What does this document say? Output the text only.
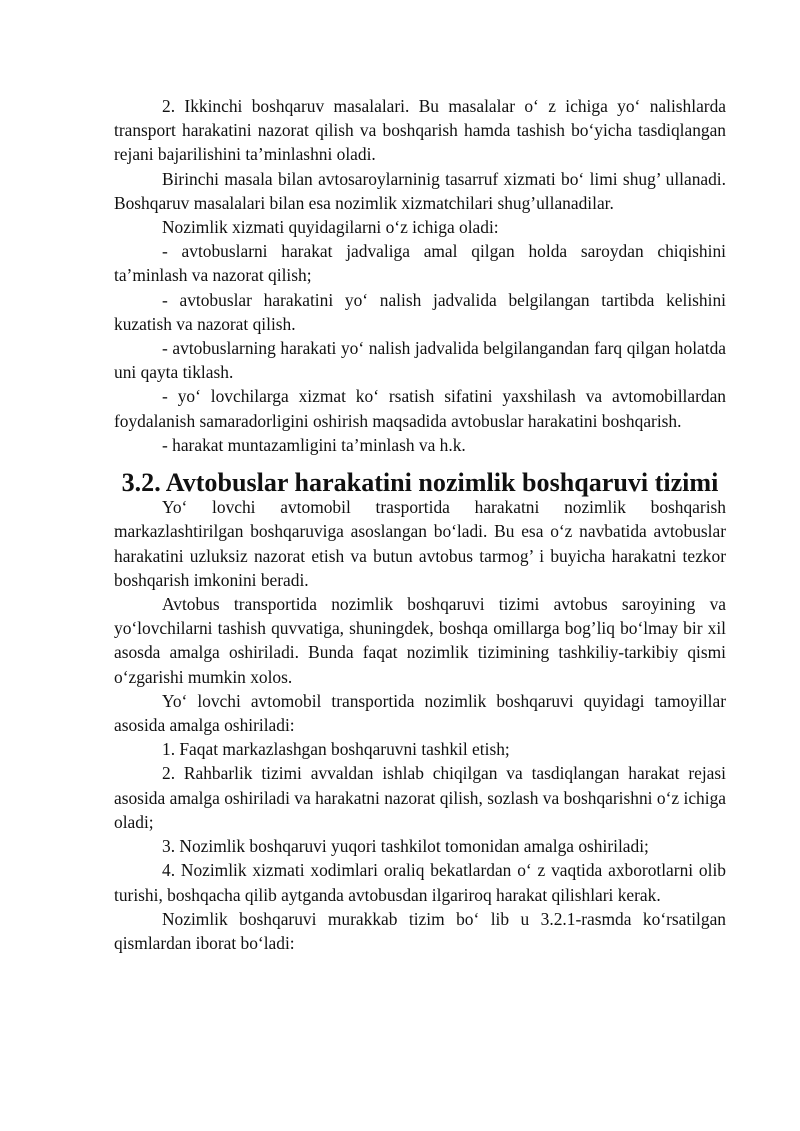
2. Ikkinchi boshqaruv masalalari. Bu masalalar o‘ z ichiga yo‘ nalishlarda transport harakatini nazorat qilish va boshqarish hamda tashish bo‘yicha tasdiqlangan rejani bajarilishini ta’minlashni oladi.

Birinchi masala bilan avtosaroylarninig tasarruf xizmati bo‘ limi shug’ ullanadi. Boshqaruv masalalari bilan esa nozimlik xizmatchilari shug’ullanadilar.

Nozimlik xizmati quyidagilarni o‘z ichiga oladi:

- avtobuslarni harakat jadvaliga amal qilgan holda saroydan chiqishini ta’minlash va nazorat qilish;

- avtobuslar harakatini yo‘ nalish jadvalida belgilangan tartibda kelishini kuzatish va nazorat qilish.

- avtobuslarning harakati yo‘ nalish jadvalida belgilangandan farq qilgan holatda uni qayta tiklash.

- yo‘ lovchilarga xizmat ko‘ rsatish sifatini yaxshilash va avtomobillardan foydalanish samaradorligini oshirish maqsadida avtobuslar harakatini boshqarish.

- harakat muntazamligini ta’minlash va h.k.

3.2. Avtobuslar harakatini nozimlik boshqaruvi tizimi

Yo‘ lovchi avtomobil trasportida harakatni nozimlik boshqarish markazlashtirilgan boshqaruviga asoslangan bo‘ladi. Bu esa o‘z navbatida avtobuslar harakatini uzluksiz nazorat etish va butun avtobus tarmog’ i buyicha harakatni tezkor boshqarish imkonini beradi.

Avtobus transportida nozimlik boshqaruvi tizimi avtobus saroyining va yo‘lovchilarni tashish quvvatiga, shuningdek, boshqa omillarga bog’liq bo‘lmay bir xil asosda amalga oshiriladi. Bunda faqat nozimlik tizimining tashkiliy-tarkibiy qismi o‘zgarishi mumkin xolos.

Yo‘ lovchi avtomobil transportida nozimlik boshqaruvi quyidagi tamoyillar asosida amalga oshiriladi:

1. Faqat markazlashgan boshqaruvni tashkil etish;

2. Rahbarlik tizimi avvaldan ishlab chiqilgan va tasdiqlangan harakat rejasi asosida amalga oshiriladi va harakatni nazorat qilish, sozlash va boshqarishni o‘z ichiga oladi;

3. Nozimlik boshqaruvi yuqori tashkilot tomonidan amalga oshiriladi;

4. Nozimlik xizmati xodimlari oraliq bekatlardan o‘ z vaqtida axborotlarni olib turishi, boshqacha qilib aytganda avtobusdan ilgariroq harakat qilishlari kerak.

Nozimlik boshqaruvi murakkab tizim bo‘ lib u 3.2.1-rasmda ko‘rsatilgan qismlardan iborat bo‘ladi:
